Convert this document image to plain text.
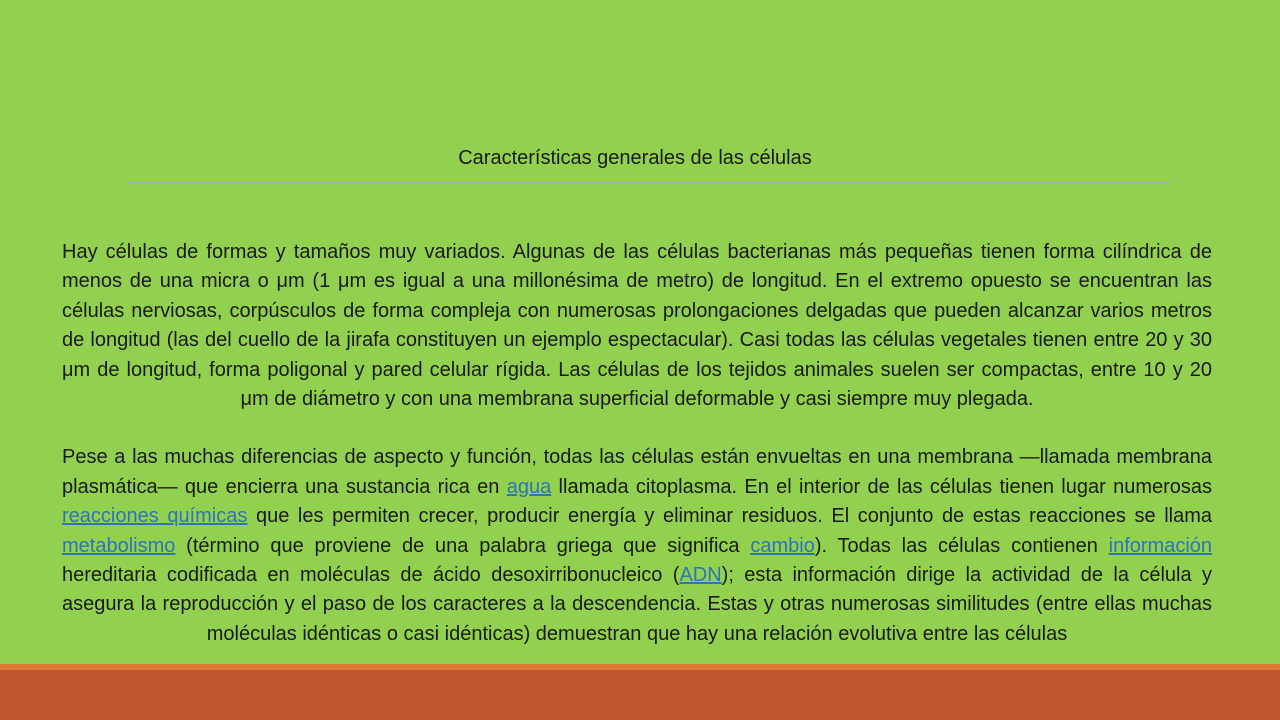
Características generales de las células

Hay células de formas y tamaños muy variados. Algunas de las células bacterianas más pequeñas tienen forma cilíndrica de menos de una micra o μm (1 μm es igual a una millonésima de metro) de longitud. En el extremo opuesto se encuentran las células nerviosas, corpúsculos de forma compleja con numerosas prolongaciones delgadas que pueden alcanzar varios metros de longitud (las del cuello de la jirafa constituyen un ejemplo espectacular). Casi todas las células vegetales tienen entre 20 y 30 μm de longitud, forma poligonal y pared celular rígida. Las células de los tejidos animales suelen ser compactas, entre 10 y 20 μm de diámetro y con una membrana superficial deformable y casi siempre muy plegada.

Pese a las muchas diferencias de aspecto y función, todas las células están envueltas en una membrana —llamada membrana plasmática— que encierra una sustancia rica en agua llamada citoplasma. En el interior de las células tienen lugar numerosas reacciones químicas que les permiten crecer, producir energía y eliminar residuos. El conjunto de estas reacciones se llama metabolismo (término que proviene de una palabra griega que significa cambio). Todas las células contienen información hereditaria codificada en moléculas de ácido desoxirribonucleico (ADN); esta información dirige la actividad de la célula y asegura la reproducción y el paso de los caracteres a la descendencia. Estas y otras numerosas similitudes (entre ellas muchas moléculas idénticas o casi idénticas) demuestran que hay una relación evolutiva entre las células
